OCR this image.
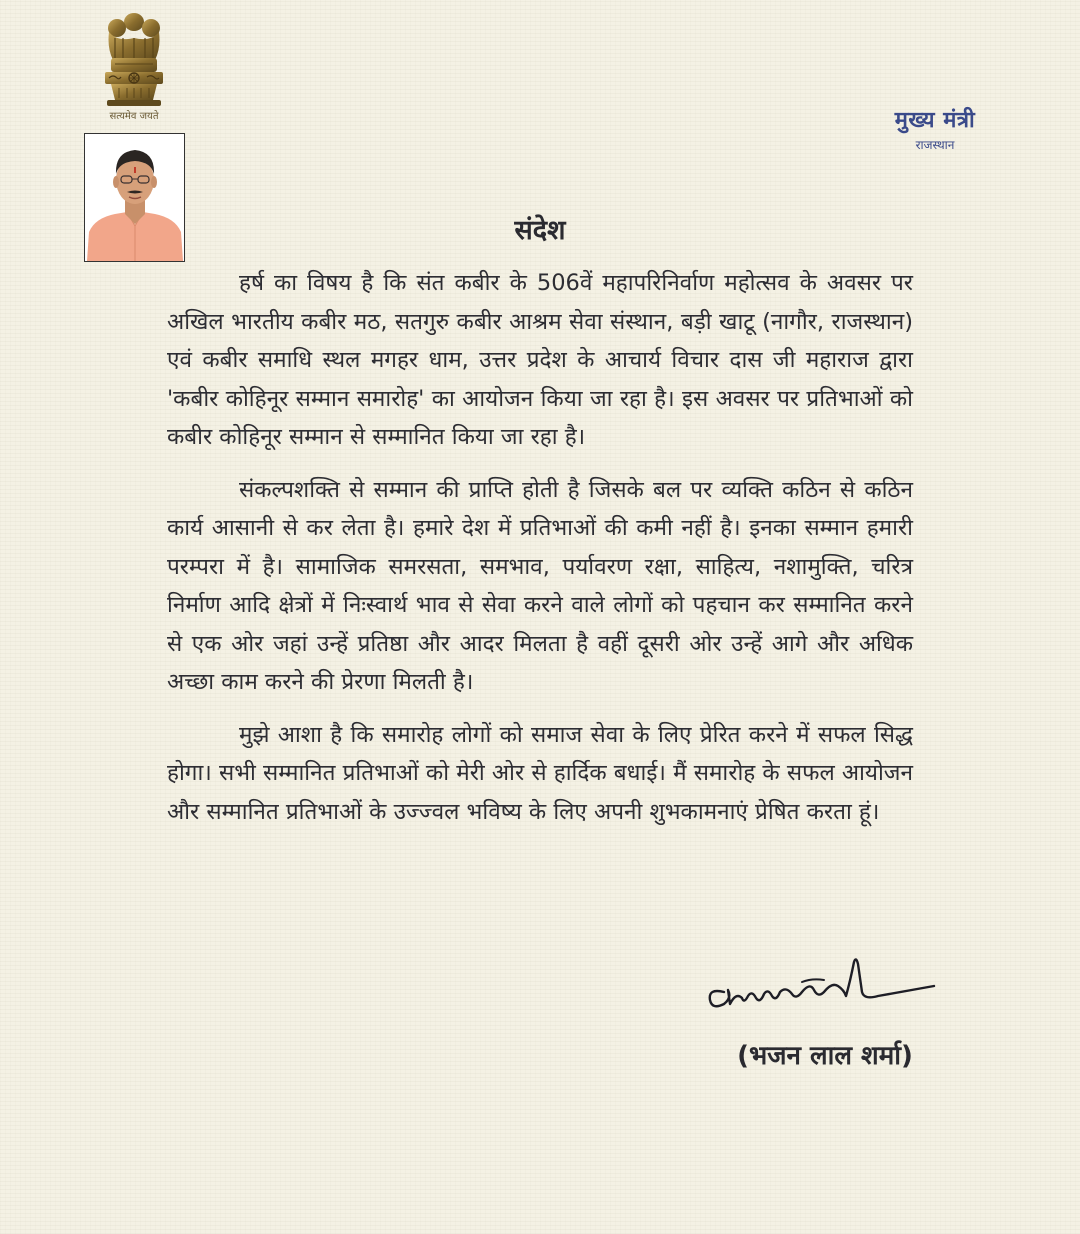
सत्यमेव जयते	मुख्य मंत्री
राजस्थान
संदेश

हर्ष का विषय है कि संत कबीर के 506वें महापरिनिर्वाण महोत्सव के अवसर पर अखिल भारतीय कबीर मठ, सतगुरु कबीर आश्रम सेवा संस्थान, बड़ी खाटू (नागौर, राजस्थान) एवं कबीर समाधि स्थल मगहर धाम, उत्तर प्रदेश के आचार्य विचार दास जी महाराज द्वारा 'कबीर कोहिनूर सम्मान समारोह' का आयोजन किया जा रहा है। इस अवसर पर प्रतिभाओं को कबीर कोहिनूर सम्मान से सम्मानित किया जा रहा है।

संकल्पशक्ति से सम्मान की प्राप्ति होती है जिसके बल पर व्यक्ति कठिन से कठिन कार्य आसानी से कर लेता है। हमारे देश में प्रतिभाओं की कमी नहीं है। इनका सम्मान हमारी परम्परा में है। सामाजिक समरसता, समभाव, पर्यावरण रक्षा, साहित्य, नशामुक्ति, चरित्र निर्माण आदि क्षेत्रों में निःस्वार्थ भाव से सेवा करने वाले लोगों को पहचान कर सम्मानित करने से एक ओर जहां उन्हें प्रतिष्ठा और आदर मिलता है वहीं दूसरी ओर उन्हें आगे और अधिक अच्छा काम करने की प्रेरणा मिलती है।

मुझे आशा है कि समारोह लोगों को समाज सेवा के लिए प्रेरित करने में सफल सिद्ध होगा। सभी सम्मानित प्रतिभाओं को मेरी ओर से हार्दिक बधाई। मैं समारोह के सफल आयोजन और सम्मानित प्रतिभाओं के उज्ज्वल भविष्य के लिए अपनी शुभकामनाएं प्रेषित करता हूं।

(भजन लाल शर्मा)
